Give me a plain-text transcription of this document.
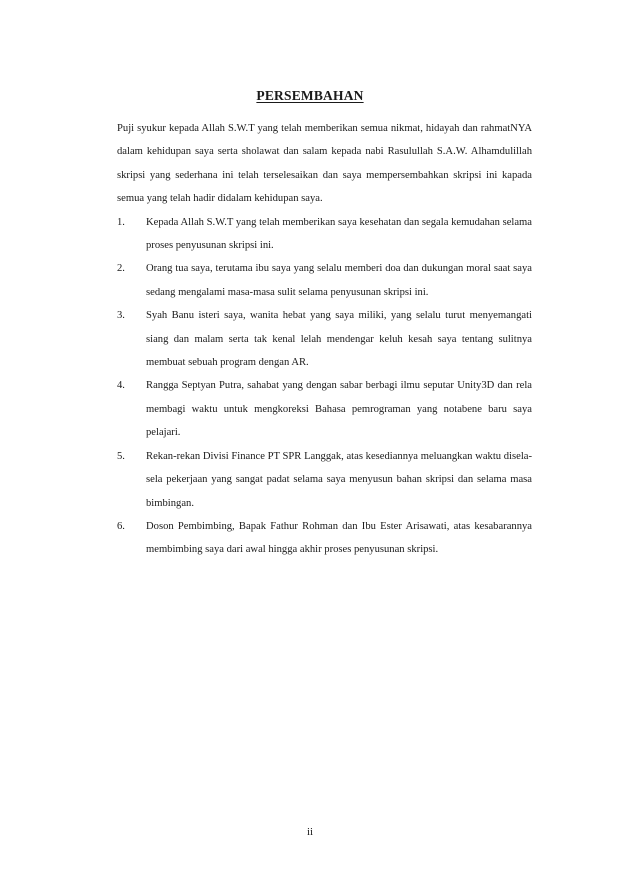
PERSEMBAHAN

Puji syukur kepada Allah S.W.T yang telah memberikan semua nikmat, hidayah dan rahmatNYA dalam kehidupan saya serta sholawat dan salam kepada nabi Rasulullah S.A.W. Alhamdulillah skripsi yang sederhana ini telah terselesaikan dan saya mempersembahkan skripsi ini kapada semua yang telah hadir didalam kehidupan saya.

1. Kepada Allah S.W.T yang telah memberikan saya kesehatan dan segala kemudahan selama proses penyusunan skripsi ini.
2. Orang tua saya, terutama ibu saya yang selalu memberi doa dan dukungan moral saat saya sedang mengalami masa-masa sulit selama penyusunan skripsi ini.
3. Syah Banu isteri saya, wanita hebat yang saya miliki, yang selalu turut menyemangati siang dan malam serta tak kenal lelah mendengar keluh kesah saya tentang sulitnya membuat sebuah program dengan AR.
4. Rangga Septyan Putra, sahabat yang dengan sabar berbagi ilmu seputar Unity3D dan rela membagi waktu untuk mengkoreksi Bahasa pemrograman yang notabene baru saya pelajari.
5. Rekan-rekan Divisi Finance PT SPR Langgak, atas kesediannya meluangkan waktu disela-sela pekerjaan yang sangat padat selama saya menyusun bahan skripsi dan selama masa bimbingan.
6. Doson Pembimbing, Bapak Fathur Rohman dan Ibu Ester Arisawati, atas kesabarannya membimbing saya dari awal hingga akhir proses penyusunan skripsi.

ii
